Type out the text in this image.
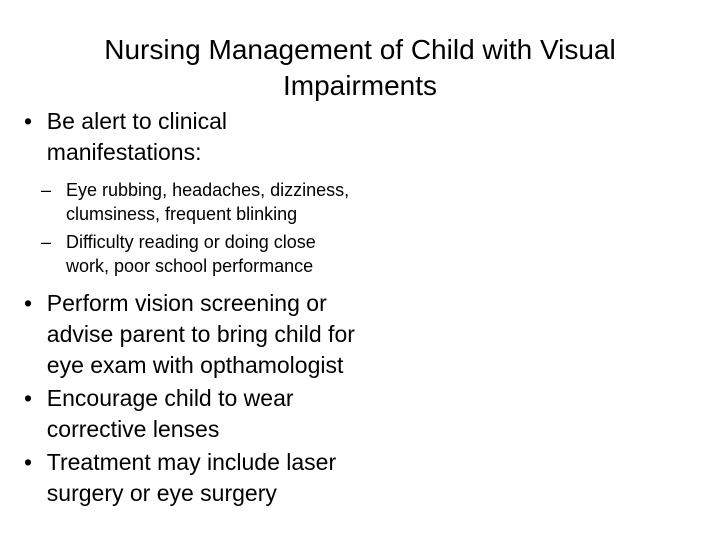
Nursing Management of Child with Visual
Impairments
• Be alert to clinical
manifestations:
– Eye rubbing, headaches, dizziness,
clumsiness, frequent blinking
– Difficulty reading or doing close
work, poor school performance
• Perform vision screening or
advise parent to bring child for
eye exam with opthamologist
• Encourage child to wear
corrective lenses
• Treatment may include laser
surgery or eye surgery
